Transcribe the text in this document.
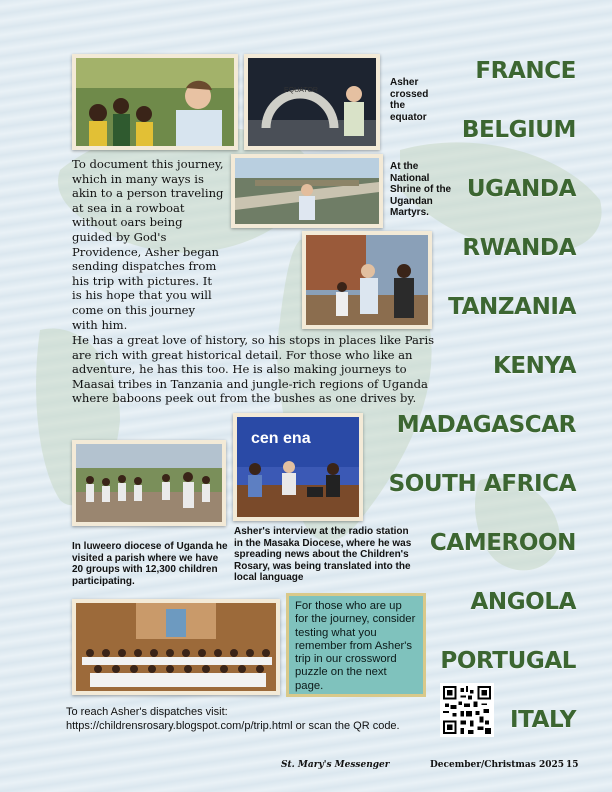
EQUATOR
cen ena

Asher crossed the equator

At the National Shrine of the Ugandan Martyrs.

In luweero diocese of Uganda he visited a parish where we have 20 groups with 12,300 children participating.

Asher's interview at the radio station in the Masaka Diocese, where he was spreading news about the Children's Rosary, was being translated into the local language

To document this journey, which in many ways is akin to a person traveling at sea in a rowboat without oars being guided by God's Providence, Asher began sending dispatches from his trip with pictures. It is his hope that you will come on this journey with him.

He has a great love of history, so his stops in places like Paris are rich with great historical detail. For those who like an adventure, he has this too. He is also making journeys to Maasai tribes in Tanzania and jungle-rich regions of Uganda where baboons peek out from the bushes as one drives by.

FRANCE

BELGIUM

UGANDA

RWANDA

TANZANIA

KENYA

MADAGASCAR

SOUTH AFRICA

CAMEROON

ANGOLA

PORTUGAL

ITALY

For those who are up for the journey, consider testing what you remember from Asher's trip in our crossword puzzle on the next page.
To reach Asher's dispatches visit:
https://childrensrosary.blogspot.com/p/trip.html or scan the QR code.
St. Mary's Messenger	December/Christmas 2025 15
